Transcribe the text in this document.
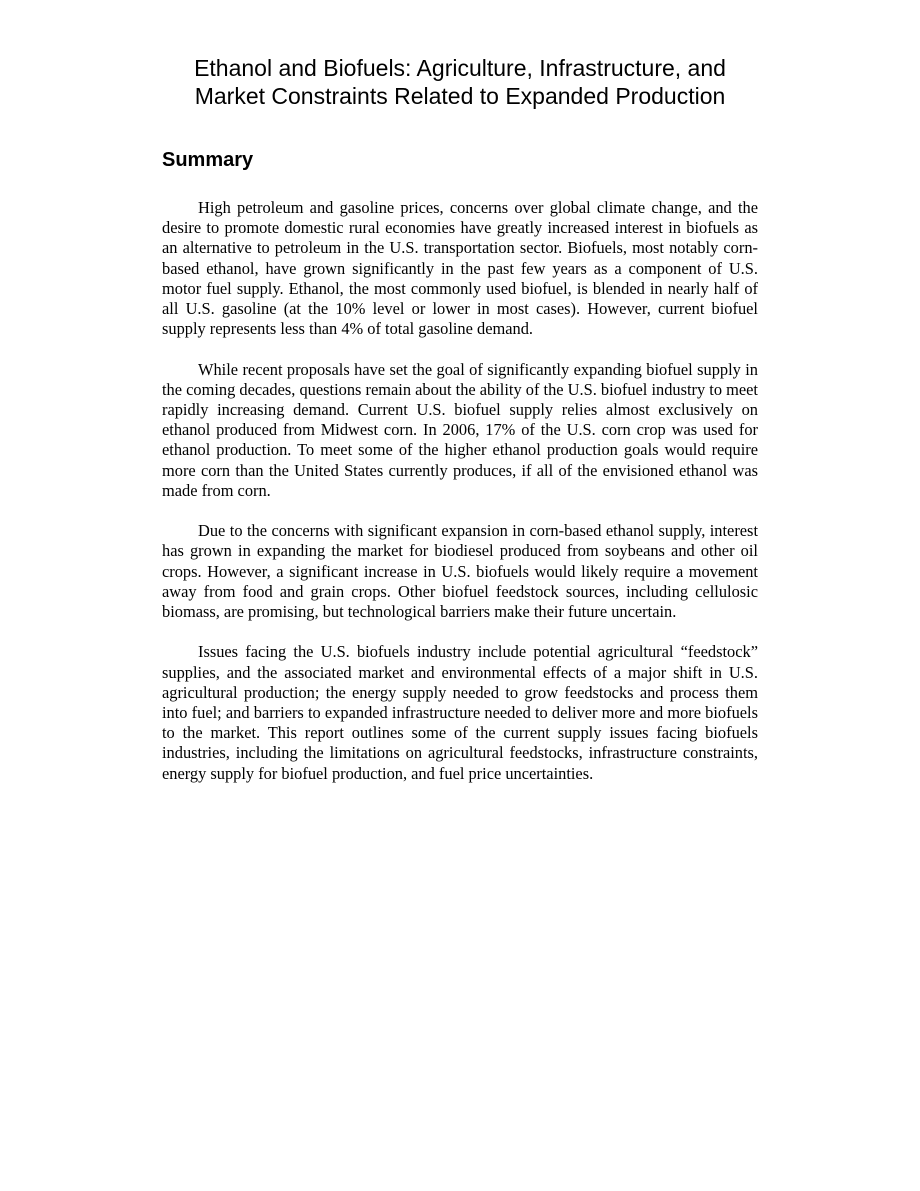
Ethanol and Biofuels: Agriculture, Infrastructure, and
Market Constraints Related to Expanded Production
Summary

High petroleum and gasoline prices, concerns over global climate change, and the desire to promote domestic rural economies have greatly increased interest in biofuels as an alternative to petroleum in the U.S. transportation sector. Biofuels, most notably corn-based ethanol, have grown significantly in the past few years as a component of U.S. motor fuel supply. Ethanol, the most commonly used biofuel, is blended in nearly half of all U.S. gasoline (at the 10% level or lower in most cases). However, current biofuel supply represents less than 4% of total gasoline demand.

While recent proposals have set the goal of significantly expanding biofuel supply in the coming decades, questions remain about the ability of the U.S. biofuel industry to meet rapidly increasing demand. Current U.S. biofuel supply relies almost exclusively on ethanol produced from Midwest corn. In 2006, 17% of the U.S. corn crop was used for ethanol production. To meet some of the higher ethanol production goals would require more corn than the United States currently produces, if all of the envisioned ethanol was made from corn.

Due to the concerns with significant expansion in corn-based ethanol supply, interest has grown in expanding the market for biodiesel produced from soybeans and other oil crops. However, a significant increase in U.S. biofuels would likely require a movement away from food and grain crops. Other biofuel feedstock sources, including cellulosic biomass, are promising, but technological barriers make their future uncertain.

Issues facing the U.S. biofuels industry include potential agricultural “feedstock” supplies, and the associated market and environmental effects of a major shift in U.S. agricultural production; the energy supply needed to grow feedstocks and process them into fuel; and barriers to expanded infrastructure needed to deliver more and more biofuels to the market. This report outlines some of the current supply issues facing biofuels industries, including the limitations on agricultural feedstocks, infrastructure constraints, energy supply for biofuel production, and fuel price uncertainties.
